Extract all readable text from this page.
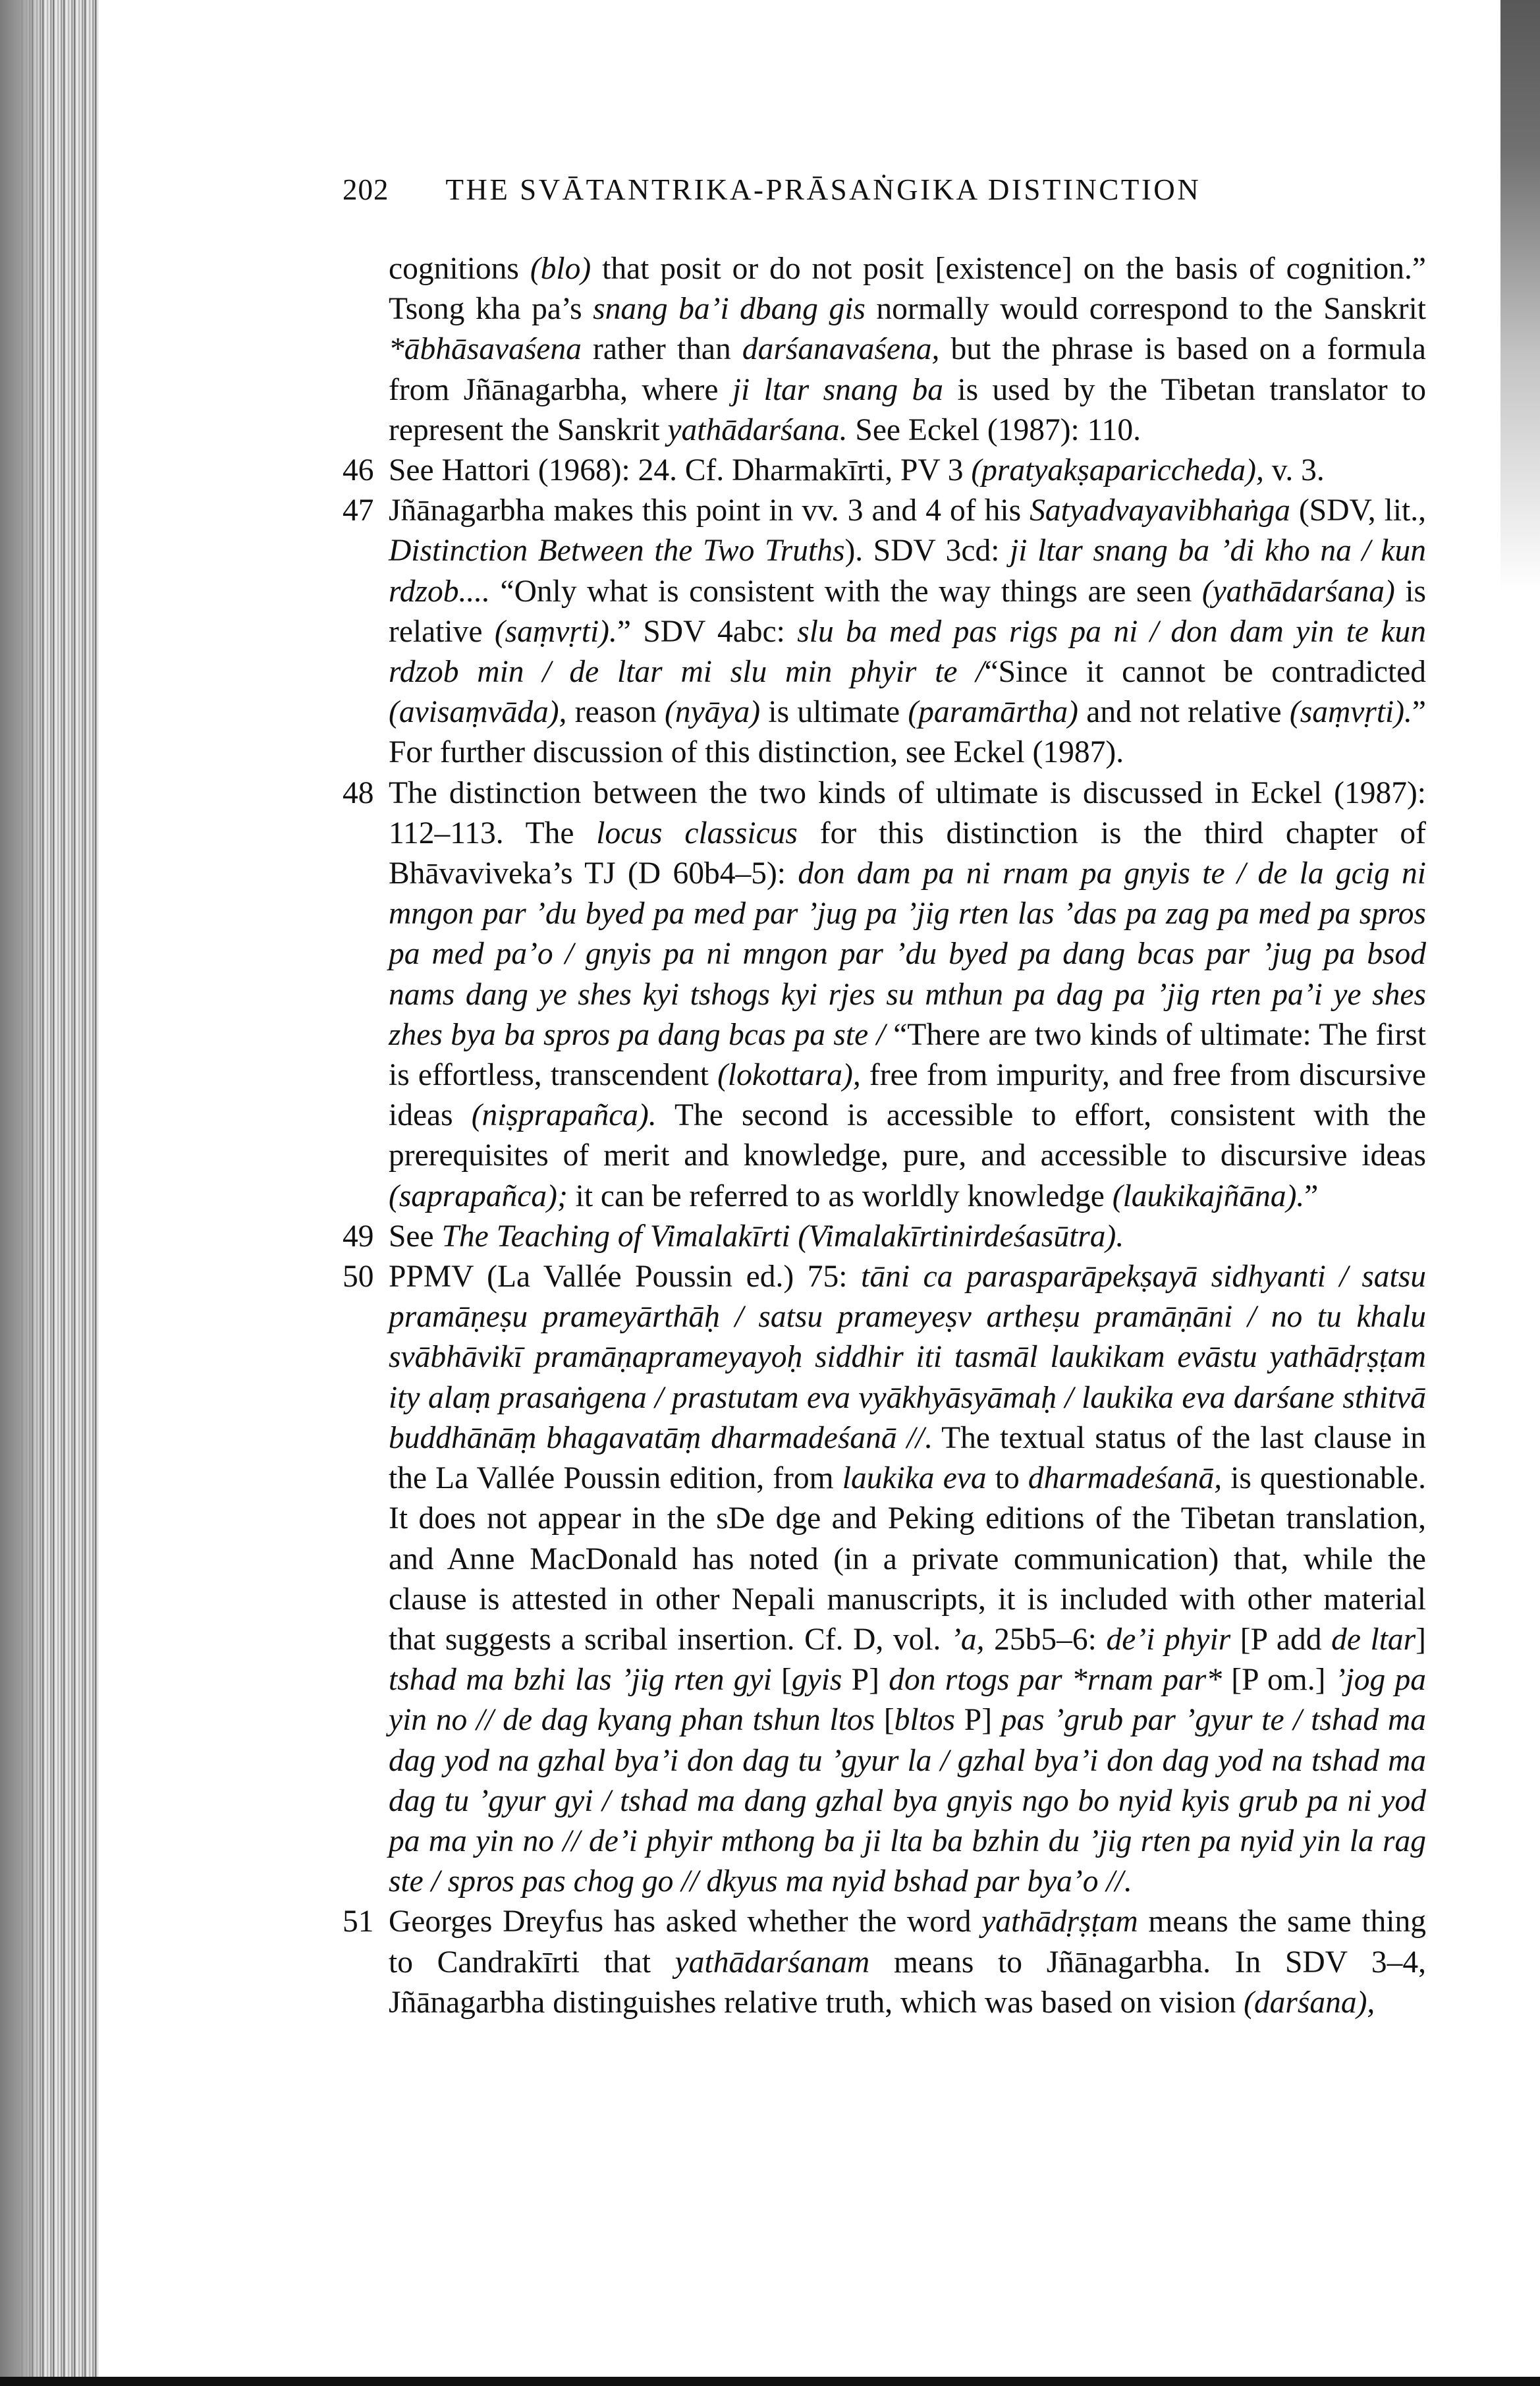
202 THE SVĀTANTRIKA-PRĀSAṄGIKA DISTINCTION

cognitions (blo) that posit or do not posit [existence] on the basis of cognition.” Tsong kha pa’s snang ba’i dbang gis normally would correspond to the Sanskrit *ābhāsavaśena rather than darśanavaśena, but the phrase is based on a formula from Jñānagarbha, where ji ltar snang ba is used by the Tibetan translator to represent the Sanskrit yathādarśana. See Eckel (1987): 110.

46 See Hattori (1968): 24. Cf. Dharmakīrti, PV 3 (pratyakṣapariccheda), v. 3.

47 Jñānagarbha makes this point in vv. 3 and 4 of his Satyadvayavibhaṅga (SDV, lit., Distinction Between the Two Truths). SDV 3cd: ji ltar snang ba ’di kho na / kun rdzob.... “Only what is consistent with the way things are seen (yathādarśana) is relative (saṃvṛti).” SDV 4abc: slu ba med pas rigs pa ni / don dam yin te kun rdzob min / de ltar mi slu min phyir te /“Since it cannot be contradicted (avisaṃvāda), reason (nyāya) is ultimate (paramārtha) and not relative (saṃvṛti).” For further discussion of this distinction, see Eckel (1987).

48 The distinction between the two kinds of ultimate is discussed in Eckel (1987): 112–113. The locus classicus for this distinction is the third chapter of Bhāvaviveka’s TJ (D 60b4–5): don dam pa ni rnam pa gnyis te / de la gcig ni mngon par ’du byed pa med par ’jug pa ’jig rten las ’das pa zag pa med pa spros pa med pa’o / gnyis pa ni mngon par ’du byed pa dang bcas par ’jug pa bsod nams dang ye shes kyi tshogs kyi rjes su mthun pa dag pa ’jig rten pa’i ye shes zhes bya ba spros pa dang bcas pa ste / “There are two kinds of ultimate: The first is effortless, transcendent (lokottara), free from impurity, and free from discursive ideas (niṣprapañca). The second is accessible to effort, consistent with the prerequisites of merit and knowledge, pure, and accessible to discursive ideas (saprapañca); it can be referred to as worldly knowledge (laukikajñāna).”

49 See The Teaching of Vimalakīrti (Vimalakīrtinirdeśasūtra).

50 PPMV (La Vallée Poussin ed.) 75: tāni ca parasparāpekṣayā sidhyanti / satsu pramāṇeṣu prameyārthāḥ / satsu prameyeṣv artheṣu pramāṇāni / no tu khalu svābhāvikī pramāṇaprameyayoḥ siddhir iti tasmāl laukikam evāstu yathādṛṣṭam ity alaṃ prasaṅgena / prastutam eva vyākhyāsyāmaḥ / laukika eva darśane sthitvā buddhānāṃ bhagavatāṃ dharmadeśanā //. The textual status of the last clause in the La Vallée Poussin edition, from laukika eva to dharmadeśanā, is questionable. It does not appear in the sDe dge and Peking editions of the Tibetan translation, and Anne MacDonald has noted (in a private communication) that, while the clause is attested in other Nepali manuscripts, it is included with other material that suggests a scribal insertion. Cf. D, vol. ’a, 25b5–6: de’i phyir [P add de ltar] tshad ma bzhi las ’jig rten gyi [gyis P] don rtogs par *rnam par* [P om.] ’jog pa yin no // de dag kyang phan tshun ltos [bltos P] pas ’grub par ’gyur te / tshad ma dag yod na gzhal bya’i don dag tu ’gyur la / gzhal bya’i don dag yod na tshad ma dag tu ’gyur gyi / tshad ma dang gzhal bya gnyis ngo bo nyid kyis grub pa ni yod pa ma yin no // de’i phyir mthong ba ji lta ba bzhin du ’jig rten pa nyid yin la rag ste / spros pas chog go // dkyus ma nyid bshad par bya’o //.

51 Georges Dreyfus has asked whether the word yathādṛṣṭam means the same thing to Candrakīrti that yathādarśanam means to Jñānagarbha. In SDV 3–4, Jñānagarbha distinguishes relative truth, which was based on vision (darśana),
